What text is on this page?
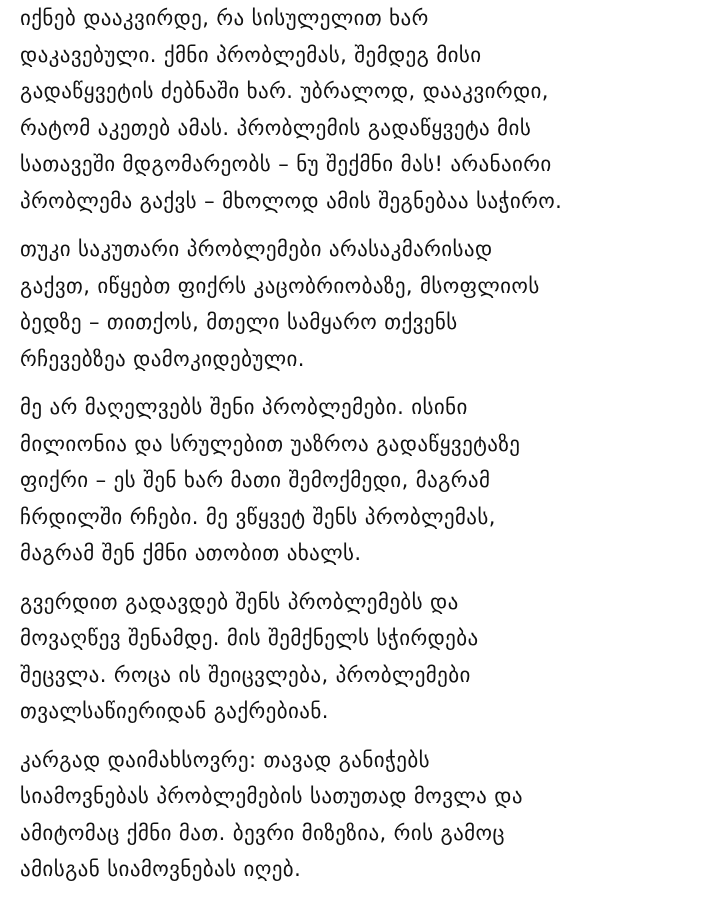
იქნებ დააკვირდე, რა სისულელით ხარ
დაკავებული. ქმნი პრობლემას, შემდეგ მისი
გადაწყვეტის ძებნაში ხარ. უბრალოდ, დააკვირდი,
რატომ აკეთებ ამას. პრობლემის გადაწყვეტა მის
სათავეში მდგომარეობს – ნუ შექმნი მას! არანაირი
პრობლემა გაქვს – მხოლოდ ამის შეგნებაა საჭირო.

თუკი საკუთარი პრობლემები არასაკმარისად
გაქვთ, იწყებთ ფიქრს კაცობრიობაზე, მსოფლიოს
ბედზე – თითქოს, მთელი სამყარო თქვენს
რჩევებზეა დამოკიდებული.

მე არ მაღელვებს შენი პრობლემები. ისინი
მილიონია და სრულებით უაზროა გადაწყვეტაზე
ფიქრი – ეს შენ ხარ მათი შემოქმედი, მაგრამ
ჩრდილში რჩები. მე ვწყვეტ შენს პრობლემას,
მაგრამ შენ ქმნი ათობით ახალს.

გვერდით გადავდებ შენს პრობლემებს და
მოვაღწევ შენამდე. მის შემქნელს სჭირდება
შეცვლა. როცა ის შეიცვლება, პრობლემები
თვალსაწიერიდან გაქრებიან.

კარგად დაიმახსოვრე: თავად განიჭებს
სიამოვნებას პრობლემების სათუთად მოვლა და
ამიტომაც ქმნი მათ. ბევრი მიზეზია, რის გამოც
ამისგან სიამოვნებას იღებ.
